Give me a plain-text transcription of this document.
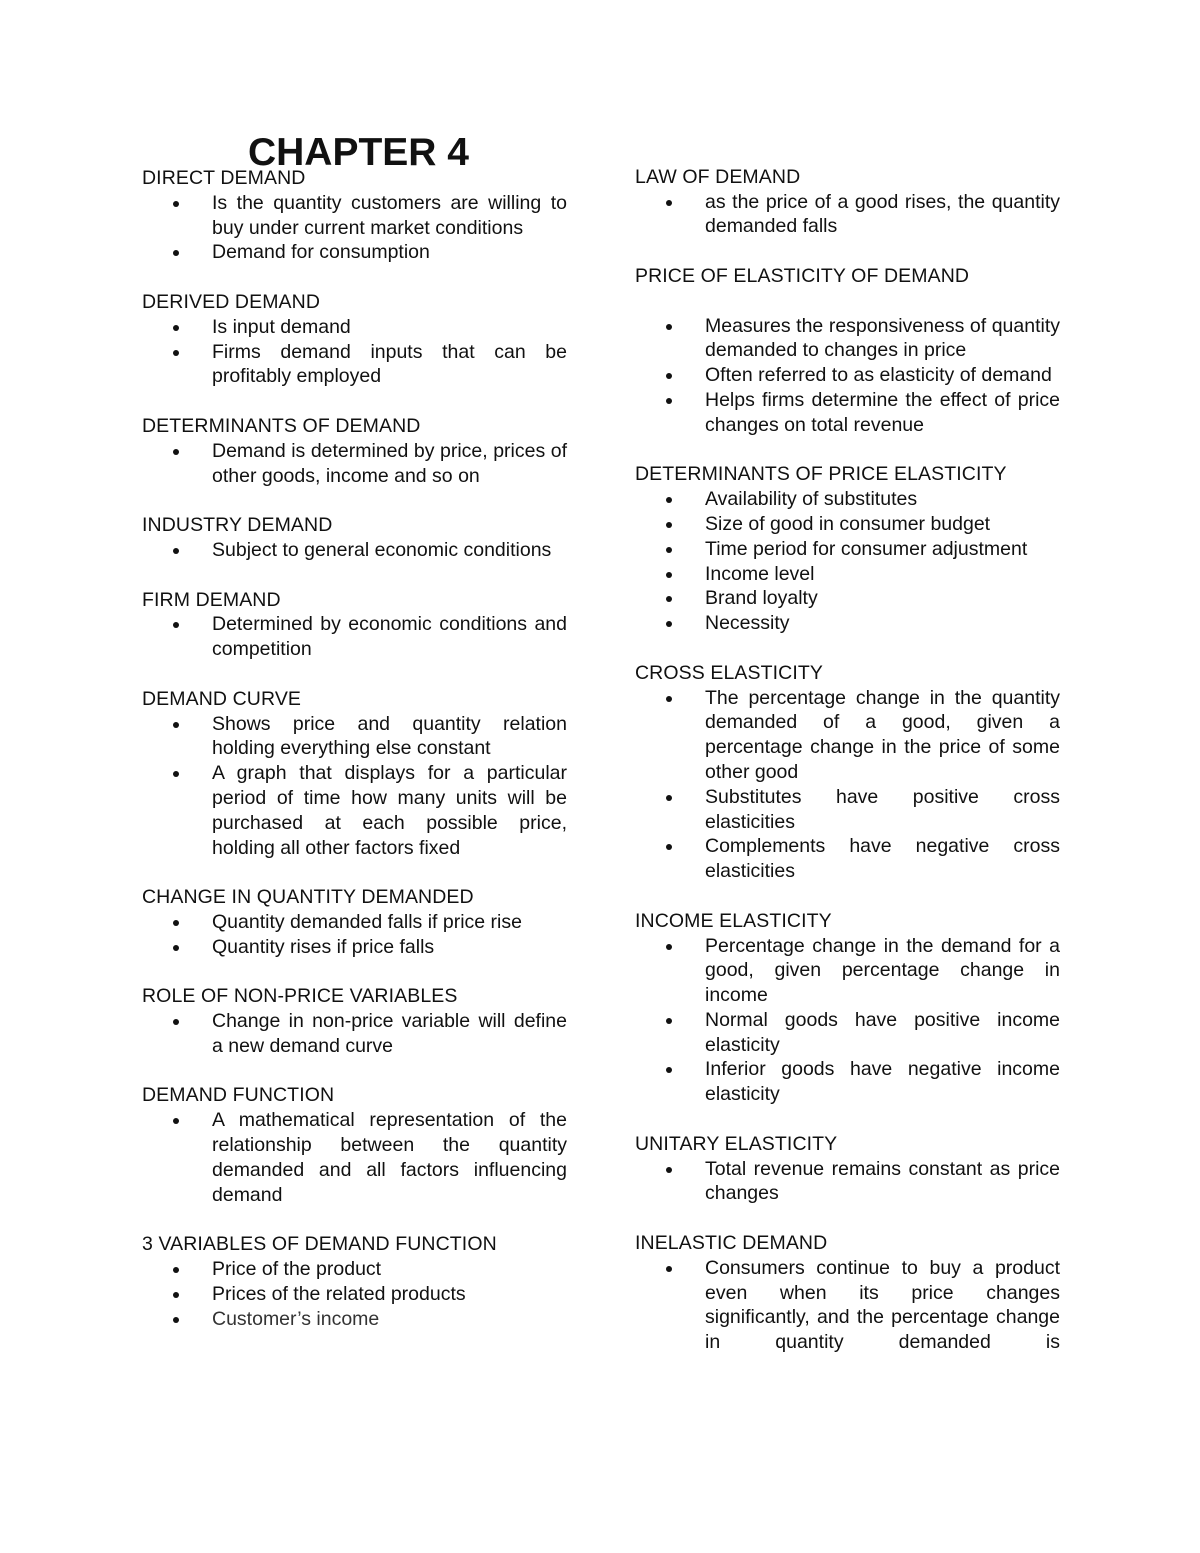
CHAPTER 4
DIRECT DEMAND
Is the quantity customers are willing to buy under current market conditions
Demand for consumption
DERIVED DEMAND
Is input demand
Firms demand inputs that can be profitably employed
DETERMINANTS OF DEMAND
Demand is determined by price, prices of other goods, income and so on
INDUSTRY DEMAND
Subject to general economic conditions
FIRM DEMAND
Determined by economic conditions and competition
DEMAND CURVE
Shows price and quantity relation holding everything else constant
A graph that displays for a particular period of time how many units will be purchased at each possible price, holding all other factors fixed
CHANGE IN QUANTITY DEMANDED
Quantity demanded falls if price rise
Quantity rises if price falls
ROLE OF NON-PRICE VARIABLES
Change in non-price variable will define a new demand curve
DEMAND FUNCTION
A mathematical representation of the relationship between the quantity demanded and all factors influencing demand
3 VARIABLES OF DEMAND FUNCTION
Price of the product
Prices of the related products
Customer’s income
LAW OF DEMAND
as the price of a good rises, the quantity demanded falls
PRICE OF ELASTICITY OF DEMAND
Measures the responsiveness of quantity demanded to changes in price
Often referred to as elasticity of demand
Helps firms determine the effect of price changes on total revenue
DETERMINANTS OF PRICE ELASTICITY
Availability of substitutes
Size of good in consumer budget
Time period for consumer adjustment
Income level
Brand loyalty
Necessity
CROSS ELASTICITY
The percentage change in the quantity demanded of a good, given a percentage change in the price of some other good
Substitutes have positive cross elasticities
Complements have negative cross elasticities
INCOME ELASTICITY
Percentage change in the demand for a good, given percentage change in income
Normal goods have positive income elasticity
Inferior goods have negative income elasticity
UNITARY ELASTICITY
Total revenue remains constant as price changes
INELASTIC DEMAND
Consumers continue to buy a product even when its price changes significantly, and the percentage change in quantity demanded is
